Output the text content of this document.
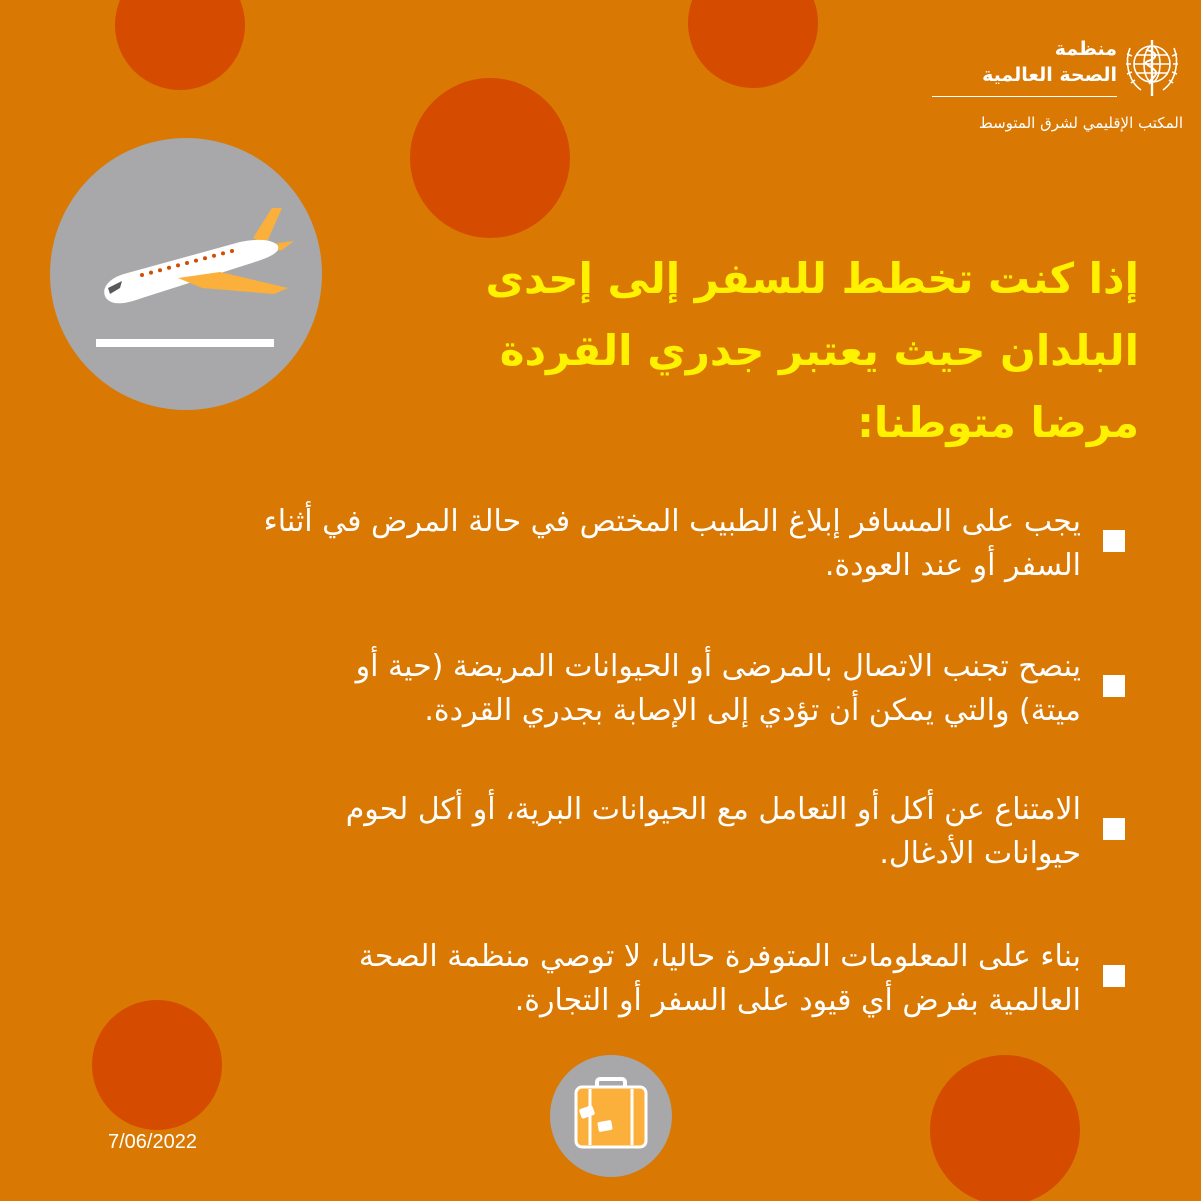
منظمة
الصحة العالمية
المكتب الإقليمي لشرق المتوسط
إذا كنت تخطط للسفر إلى إحدى
البلدان حيث يعتبر جدري القردة
مرضا متوطنا:
يجب على المسافر إبلاغ الطبيب المختص في حالة المرض في أثناء
السفر أو عند العودة.
ينصح تجنب الاتصال بالمرضى أو الحيوانات المريضة (حية أو
ميتة) والتي يمكن أن تؤدي إلى الإصابة بجدري القردة.
الامتناع عن أكل أو التعامل مع الحيوانات البرية، أو أكل لحوم
حيوانات الأدغال.
بناء على المعلومات المتوفرة حاليا، لا توصي منظمة الصحة
العالمية بفرض أي قيود على السفر أو التجارة.
7/06/2022
